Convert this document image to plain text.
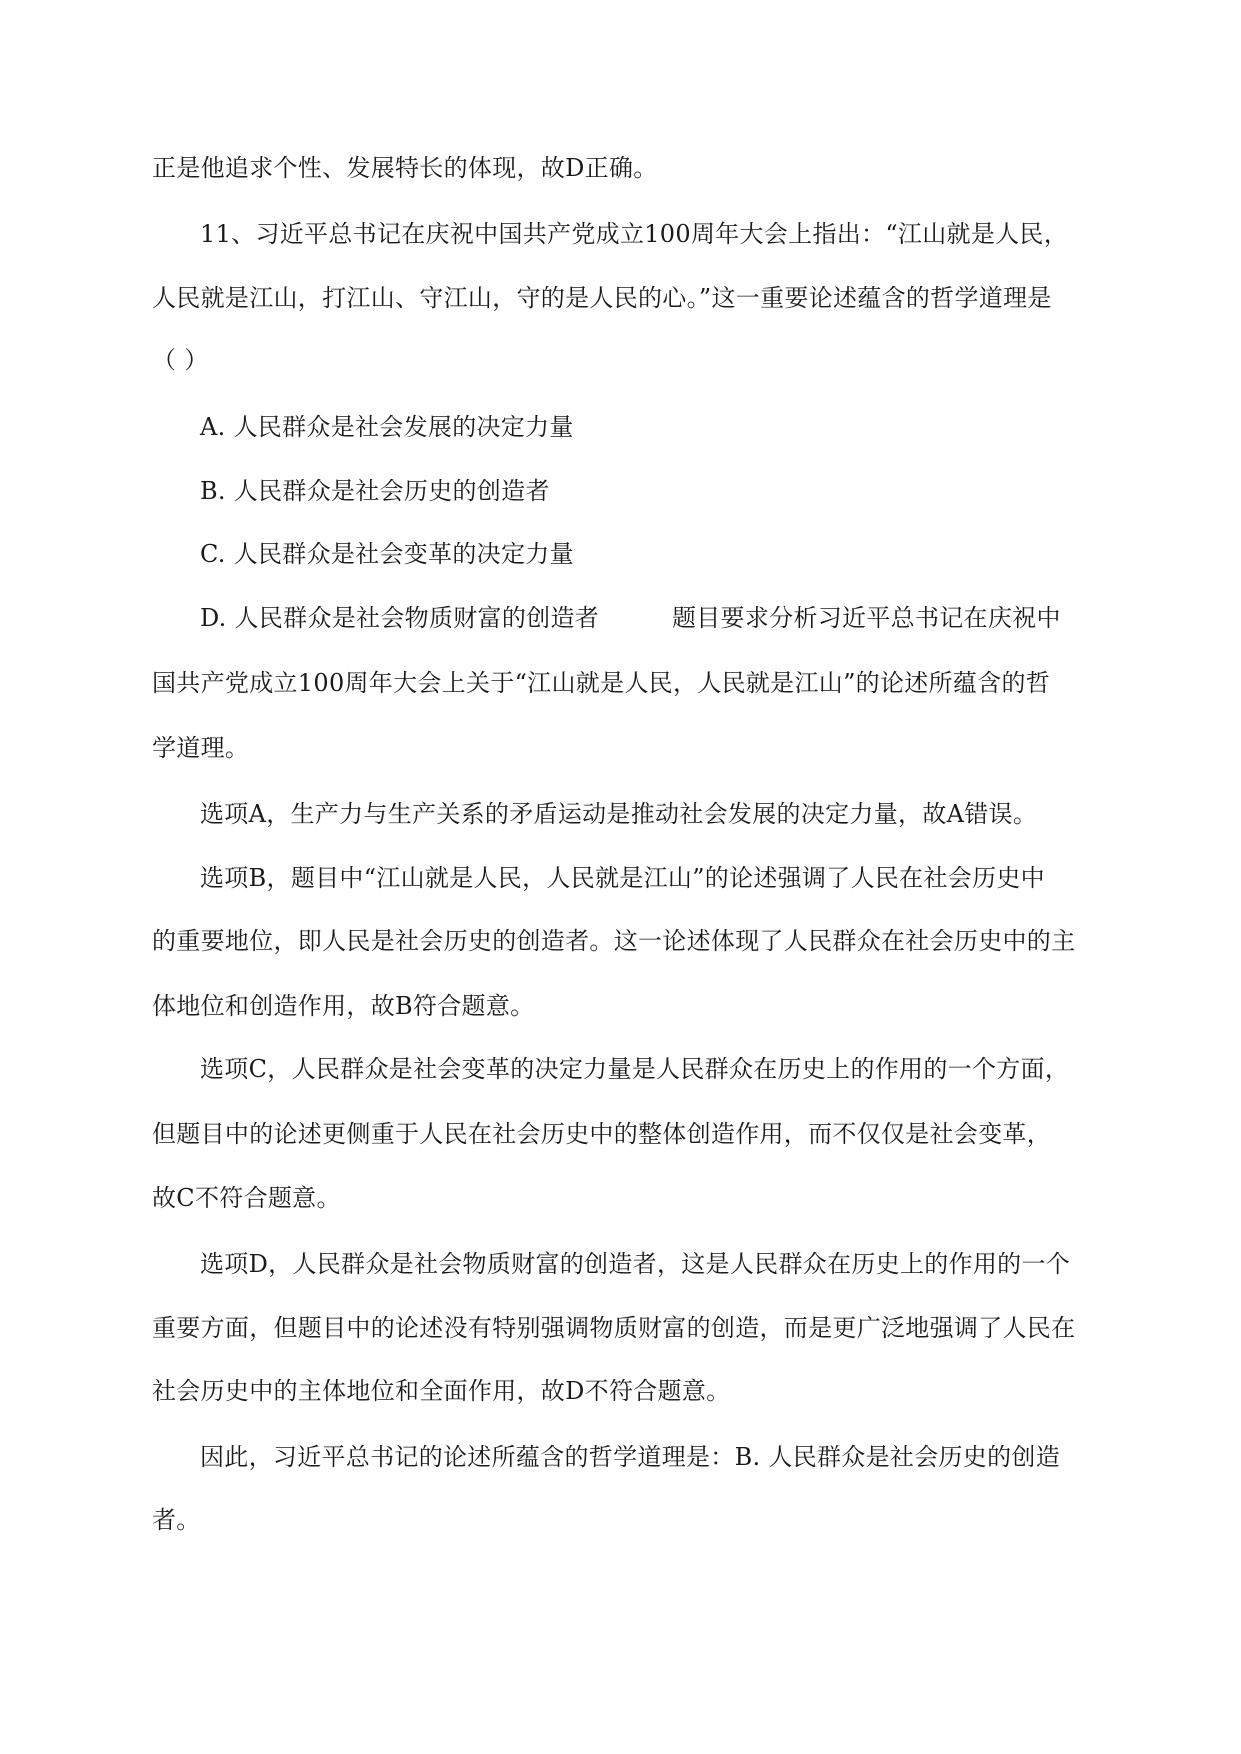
正是他追求个性、发展特长的体现，故D正确。
11、习近平总书记在庆祝中国共产党成立100周年大会上指出：“江山就是人民，
人民就是江山，打江山、守江山，守的是人民的心。”这一重要论述蕴含的哲学道理是
（ ）
A. 人民群众是社会发展的决定力量
B. 人民群众是社会历史的创造者
C. 人民群众是社会变革的决定力量
D. 人民群众是社会物质财富的创造者　　　题目要求分析习近平总书记在庆祝中
国共产党成立100周年大会上关于“江山就是人民，人民就是江山”的论述所蕴含的哲
学道理。
选项A，生产力与生产关系的矛盾运动是推动社会发展的决定力量，故A错误。
选项B，题目中“江山就是人民，人民就是江山”的论述强调了人民在社会历史中
的重要地位，即人民是社会历史的创造者。这一论述体现了人民群众在社会历史中的主
体地位和创造作用，故B符合题意。
选项C，人民群众是社会变革的决定力量是人民群众在历史上的作用的一个方面，
但题目中的论述更侧重于人民在社会历史中的整体创造作用，而不仅仅是社会变革，
故C不符合题意。
选项D，人民群众是社会物质财富的创造者，这是人民群众在历史上的作用的一个
重要方面，但题目中的论述没有特别强调物质财富的创造，而是更广泛地强调了人民在
社会历史中的主体地位和全面作用，故D不符合题意。
因此，习近平总书记的论述所蕴含的哲学道理是：B. 人民群众是社会历史的创造
者。
